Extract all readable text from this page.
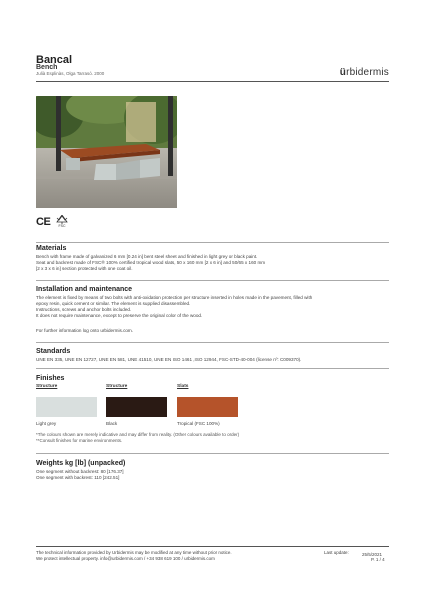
Bancal
Bench
Julià Esplinàs, Olga Tarrasó. 2000	ürbidermis
CE FSC
Materials
Bench with frame made of galvanized 6 mm [0.24 in] bent steel sheet and finished in light grey or black paint.
Seat and backrest made of FSC® 100% certified tropical wood slats, 50 x 160 mm [2 x 6 in] and 50/65 x 160 mm
[2 x 3 x 6 in] section protected with one coat oil.
Installation and maintenance
The element is fixed by means of two bolts with anti-oxidation protection per structure inserted in holes made in the pavement, filled with
epoxy resin, quick cement or similar. The element is supplied disassembled.
Instructions, screws and anchor bolts included.
It does not require maintenance, except to preserve the original color of the wood.
For further information log onto urbidermis.com.
Standards
UNE EN 335, UNE EN 12727, UNE EN 581, UNE 41510, UNE EN ISO 1461 ,ISO 12944, FSC-STD-40-004 (license nº: C009370).
Finishes
Structure	Structure	Slats
Light grey	Black	Tropical (FSC 100%)
*The colours shown are merely indicative and may differ from reality. (Other colours available to order)
**Consult finishes for marine environments.
Weights kg [lb] (unpacked)
One segment without backrest: 80 [176.37]
One segment with backrest: 110 [242.51]
The technical information provided by Urbidermis may be modified at any time without prior notice.
We protect intellectual property. info@urbidermis.com / +34 938 619 100 / urbidermis.com
Last update:	25/5/2021
P. 1 / 4
